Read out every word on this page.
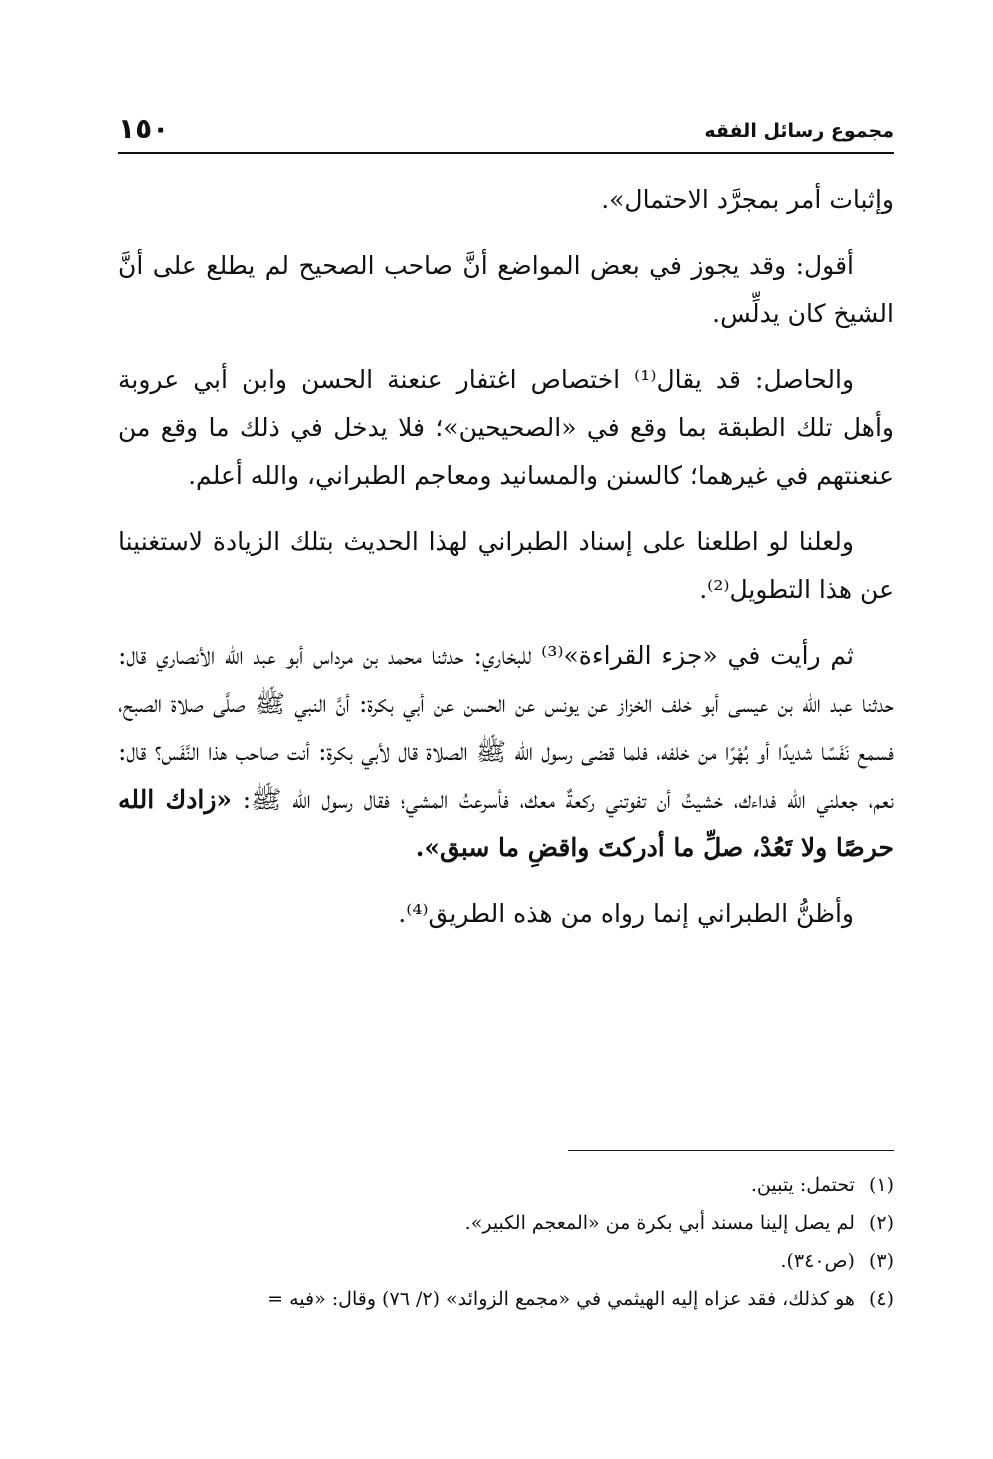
مجموع رسائل الفقه
١٥٠

وإثبات أمر بمجرَّد الاحتمال».

أقول: وقد يجوز في بعض المواضع أنَّ صاحب الصحيح لم يطلع على أنَّ الشيخ كان يدلِّس.

والحاصل: قد يقال⁽¹⁾ اختصاص اغتفار عنعنة الحسن وابن أبي عروبة وأهل تلك الطبقة بما وقع في «الصحيحين»؛ فلا يدخل في ذلك ما وقع من عنعنتهم في غيرهما؛ كالسنن والمسانيد ومعاجم الطبراني، والله أعلم.

ولعلنا لو اطلعنا على إسناد الطبراني لهذا الحديث بتلك الزيادة لاستغنينا عن هذا التطويل⁽²⁾.

ثم رأيت في «جزء القراءة»⁽³⁾ للبخاري: حدثنا محمد بن مرداس أبو عبد الله الأنصاري قال: حدثنا عبد الله بن عيسى أبو خلف الخزاز عن يونس عن الحسن عن أبي بكرة: أنَّ النبي ﷺ صلَّى صلاة الصبح، فسمع نَفَسًا شديدًا أو بُهْرًا من خلفه، فلما قضى رسول الله ﷺ الصلاة قال لأبي بكرة: أنت صاحب هذا النَّفَس؟ قال: نعم، جعلني الله فداءك، خشيتُ أن تفوتني ركعةٌ معك، فأسرعتُ المشي؛ فقال رسول الله ﷺ: «زادك الله حرصًا ولا تَعُدْ، صلِّ ما أدركتَ واقضِ ما سبق».

وأظنُّ الطبراني إنما رواه من هذه الطريق⁽⁴⁾.

(١)تحتمل: يتبين.
(٢)لم يصل إلينا مسند أبي بكرة من «المعجم الكبير».
(٣)(ص٣٤٠).
(٤)هو كذلك، فقد عزاه إليه الهيثمي في «مجمع الزوائد» (٢/ ٧٦) وقال: «فيه =
